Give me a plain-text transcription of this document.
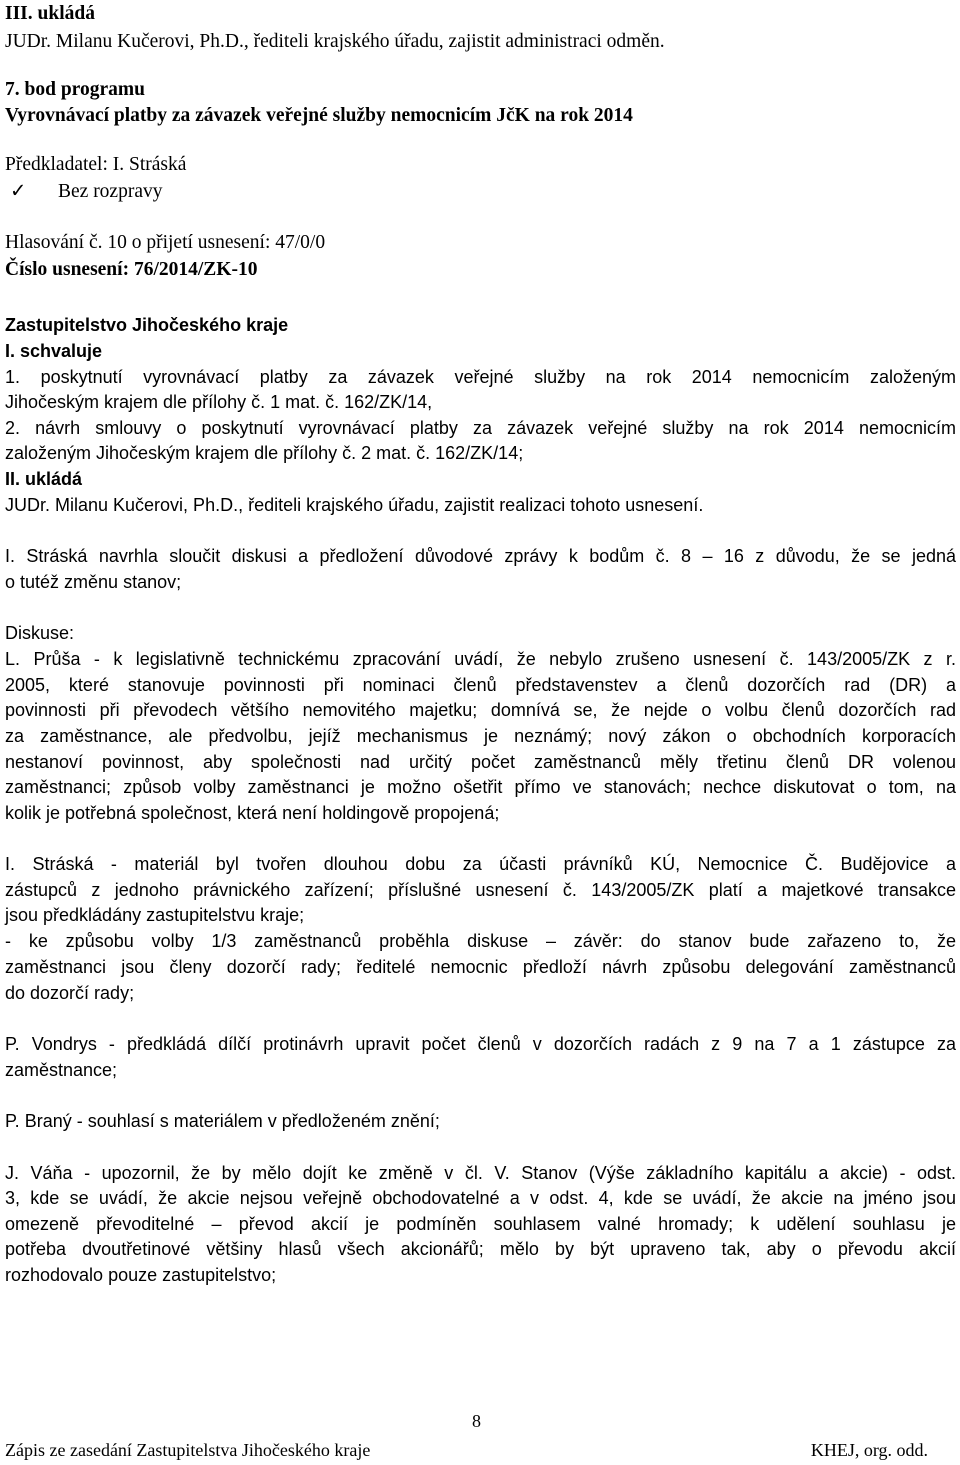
III. ukládá
JUDr. Milanu Kučerovi, Ph.D., řediteli krajského úřadu, zajistit administraci odměn.
7. bod programu
Vyrovnávací platby za závazek veřejné služby nemocnicím JčK na rok 2014
Předkladatel: I. Stráská
✓ Bez rozpravy
Hlasování č. 10 o přijetí usnesení: 47/0/0
Číslo usnesení: 76/2014/ZK-10
Zastupitelstvo Jihočeského kraje
I. schvaluje
1. poskytnutí vyrovnávací platby za závazek veřejné služby na rok 2014 nemocnicím založeným
Jihočeským krajem dle přílohy č. 1 mat. č. 162/ZK/14,
2. návrh smlouvy o poskytnutí vyrovnávací platby za závazek veřejné služby na rok 2014 nemocnicím
založeným Jihočeským krajem dle přílohy č. 2 mat. č. 162/ZK/14;
II. ukládá
JUDr. Milanu Kučerovi, Ph.D., řediteli krajského úřadu, zajistit realizaci tohoto usnesení.
I. Stráská navrhla sloučit diskusi a předložení důvodové zprávy k bodům č. 8 – 16 z důvodu, že se jedná
o tutéž změnu stanov;
Diskuse:
L. Průša - k legislativně technickému zpracování uvádí, že nebylo zrušeno usnesení č. 143/2005/ZK z r.
2005, které stanovuje povinnosti při nominaci členů představenstev a členů dozorčích rad (DR) a
povinnosti při převodech většího nemovitého majetku; domnívá se, že nejde o volbu členů dozorčích rad
za zaměstnance, ale předvolbu, jejíž mechanismus je neznámý; nový zákon o obchodních korporacích
nestanoví povinnost, aby společnosti nad určitý počet zaměstnanců měly třetinu členů DR volenou
zaměstnanci; způsob volby zaměstnanci je možno ošetřit přímo ve stanovách; nechce diskutovat o tom, na
kolik je potřebná společnost, která není holdingově propojená;
I. Stráská - materiál byl tvořen dlouhou dobu za účasti právníků KÚ, Nemocnice Č. Budějovice a
zástupců z jednoho právnického zařízení; příslušné usnesení č. 143/2005/ZK platí a majetkové transakce
jsou předkládány zastupitelstvu kraje;
- ke způsobu volby 1/3 zaměstnanců proběhla diskuse – závěr: do stanov bude zařazeno to, že
zaměstnanci jsou členy dozorčí rady; ředitelé nemocnic předloží návrh způsobu delegování zaměstnanců
do dozorčí rady;
P. Vondrys - předkládá dílčí protinávrh upravit počet členů v dozorčích radách z 9 na 7 a 1 zástupce za
zaměstnance;
P. Braný - souhlasí s materiálem v předloženém znění;
J. Váňa - upozornil, že by mělo dojít ke změně v čl. V. Stanov (Výše základního kapitálu a akcie) - odst.
3, kde se uvádí, že akcie nejsou veřejně obchodovatelné a v odst. 4, kde se uvádí, že akcie na jméno jsou
omezeně převoditelné – převod akcií je podmíněn souhlasem valné hromady; k udělení souhlasu je
potřeba dvoutřetinové většiny hlasů všech akcionářů; mělo by být upraveno tak, aby o převodu akcií
rozhodovalo pouze zastupitelstvo;
8
Zápis ze zasedání Zastupitelstva Jihočeského kraje	KHEJ, org. odd.
